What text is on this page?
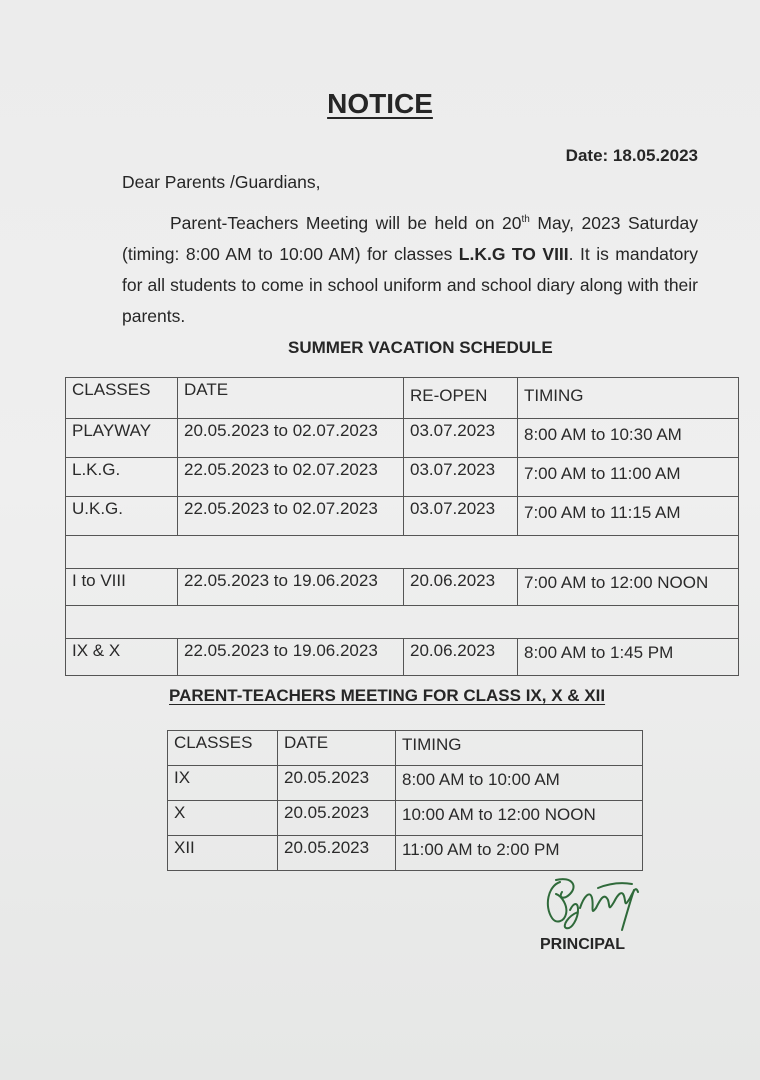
NOTICE
Date: 18.05.2023
Dear Parents /Guardians,
Parent-Teachers Meeting will be held on 20th May, 2023 Saturday (timing: 8:00 AM to 10:00 AM) for classes L.K.G TO VIII. It is mandatory for all students to come in school uniform and school diary along with their parents.
SUMMER VACATION SCHEDULE
CLASSES	DATE	RE-OPEN	TIMING
PLAYWAY	20.05.2023 to 02.07.2023	03.07.2023	8:00 AM to 10:30 AM
L.K.G.	22.05.2023 to 02.07.2023	03.07.2023	7:00 AM to 11:00 AM
U.K.G.	22.05.2023 to 02.07.2023	03.07.2023	7:00 AM to 11:15 AM

I to VIII	22.05.2023 to 19.06.2023	20.06.2023	7:00 AM to 12:00 NOON

IX & X	22.05.2023 to 19.06.2023	20.06.2023	8:00 AM to 1:45 PM
PARENT-TEACHERS MEETING FOR CLASS IX, X & XII
CLASSES	DATE	TIMING
IX	20.05.2023	8:00 AM to 10:00 AM
X	20.05.2023	10:00 AM to 12:00 NOON
XII	20.05.2023	11:00 AM to 2:00 PM
PRINCIPAL
